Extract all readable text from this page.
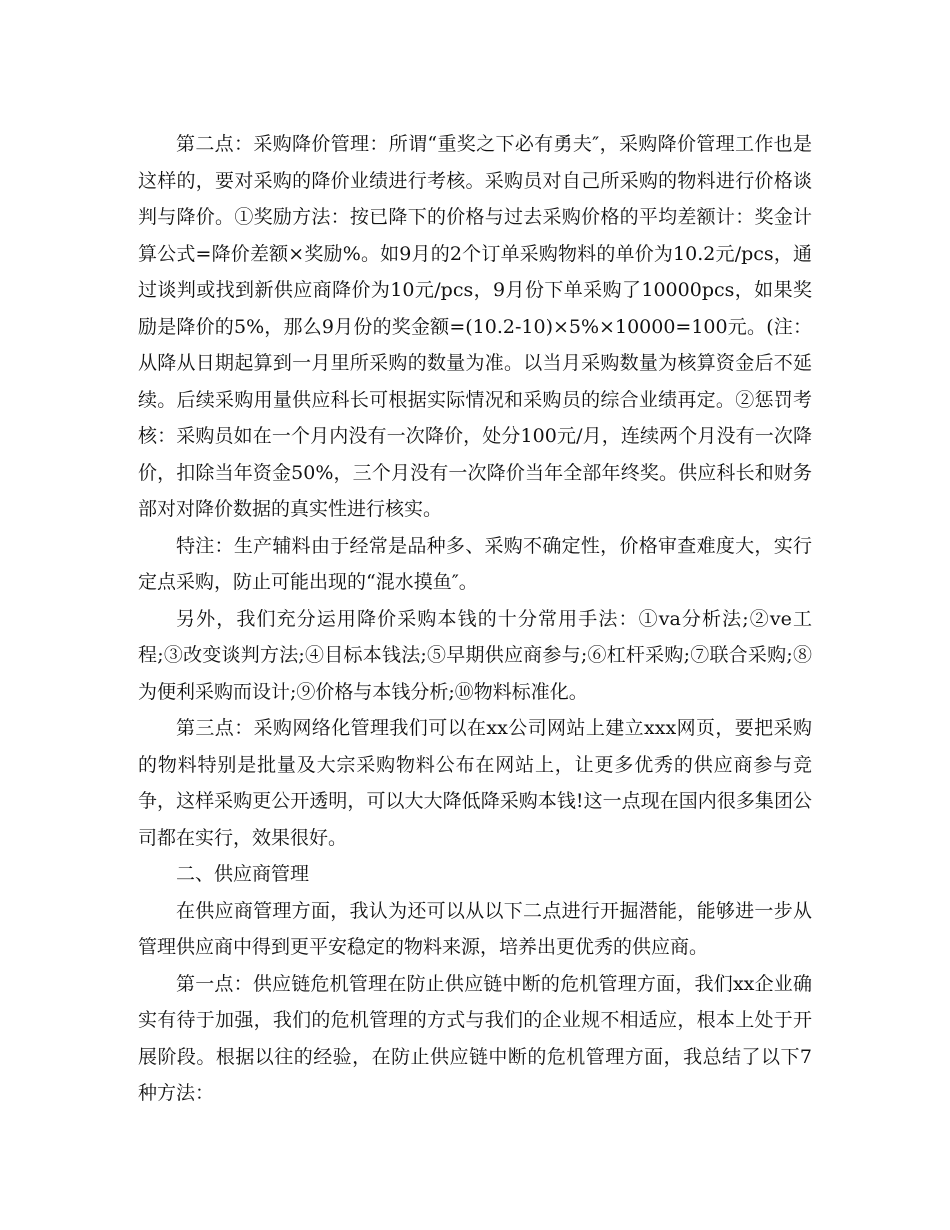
第二点：采购降价管理：所谓“重奖之下必有勇夫″，采购降价管理工作也是这样的，要对采购的降价业绩进行考核。采购员对自己所采购的物料进行价格谈判与降价。①奖励方法：按已降下的价格与过去采购价格的平均差额计：奖金计算公式=降价差额×奖励%。如9月的2个订单采购物料的单价为10.2元/pcs，通过谈判或找到新供应商降价为10元/pcs，9月份下单采购了10000pcs，如果奖励是降价的5%，那么9月份的奖金额=(10.2-10)×5%×10000=100元。(注：从降从日期起算到一月里所采购的数量为准。以当月采购数量为核算资金后不延续。后续采购用量供应科长可根据实际情况和采购员的综合业绩再定。②惩罚考核：采购员如在一个月内没有一次降价，处分100元/月，连续两个月没有一次降价，扣除当年资金50%，三个月没有一次降价当年全部年终奖。供应科长和财务部对对降价数据的真实性进行核实。

特注：生产辅料由于经常是品种多、采购不确定性，价格审查难度大，实行定点采购，防止可能出现的“混水摸鱼″。

另外，我们充分运用降价采购本钱的十分常用手法：①va分析法;②ve工程;③改变谈判方法;④目标本钱法;⑤早期供应商参与;⑥杠杆采购;⑦联合采购;⑧为便利采购而设计;⑨价格与本钱分析;⑩物料标准化。

第三点：采购网络化管理我们可以在xx公司网站上建立xxx网页，要把采购的物料特别是批量及大宗采购物料公布在网站上，让更多优秀的供应商参与竞争，这样采购更公开透明，可以大大降低降采购本钱!这一点现在国内很多集团公司都在实行，效果很好。

二、供应商管理

在供应商管理方面，我认为还可以从以下二点进行开掘潜能，能够进一步从管理供应商中得到更平安稳定的物料来源，培养出更优秀的供应商。

第一点：供应链危机管理在防止供应链中断的危机管理方面，我们xx企业确实有待于加强，我们的危机管理的方式与我们的企业规不相适应，根本上处于开展阶段。根据以往的经验，在防止供应链中断的危机管理方面，我总结了以下7种方法：
